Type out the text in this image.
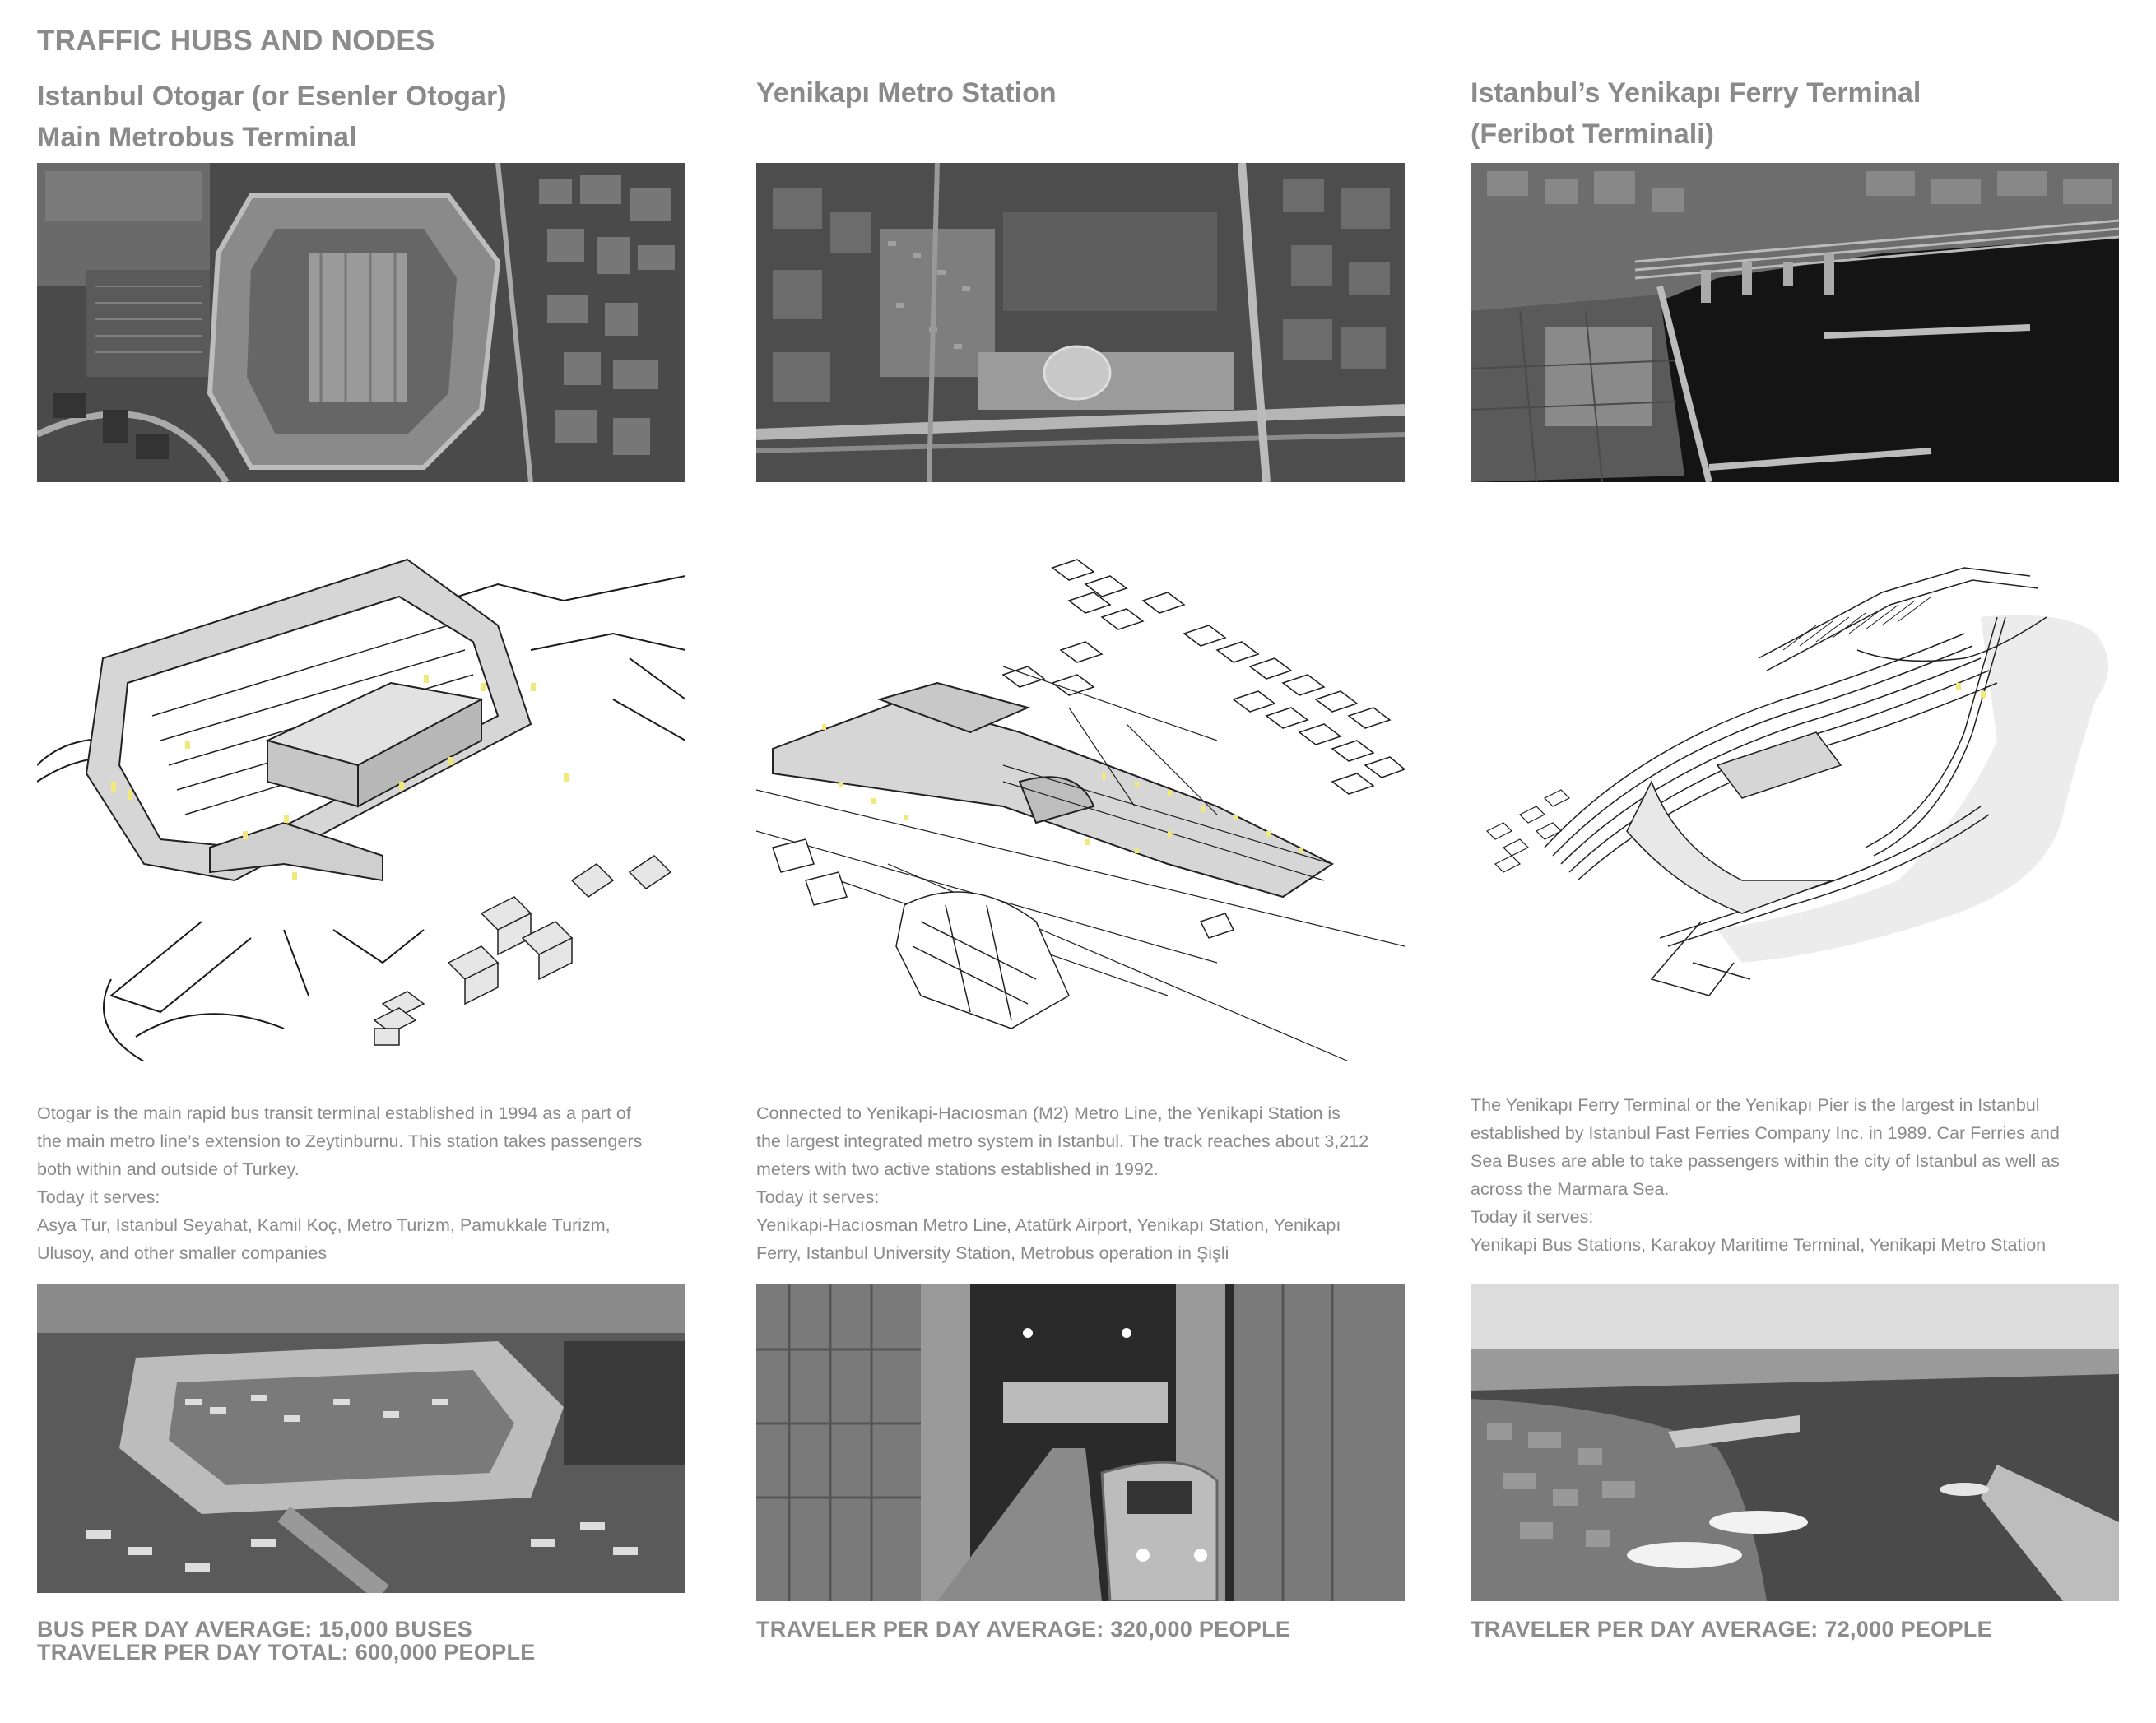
TRAFFIC HUBS AND NODES
Istanbul Otogar (or Esenler Otogar)
Main Metrobus Terminal

Otogar is the main rapid bus transit terminal established in 1994 as a part of

the main metro line’s extension to Zeytinburnu. This station takes passengers

both within and outside of Turkey.

Today it serves:

Asya Tur, Istanbul Seyahat, Kamil Koç, Metro Turizm, Pamukkale Turizm,

Ulusoy, and other smaller companies

BUS PER DAY AVERAGE: 15,000 BUSES
TRAVELER PER DAY TOTAL: 600,000 PEOPLE
Yenikapı Metro Station

Connected to Yenikapi-Hacıosman (M2) Metro Line, the Yenikapi Station is

the largest integrated metro system in Istanbul. The track reaches about 3,212

meters with two active stations established in 1992.

Today it serves:

Yenikapi-Hacıosman Metro Line, Atatürk Airport, Yenikapı Station, Yenikapı

Ferry, Istanbul University Station, Metrobus operation in Şişli

TRAVELER PER DAY AVERAGE: 320,000 PEOPLE
Istanbul’s Yenikapı Ferry Terminal
(Feribot Terminali)

The Yenikapı Ferry Terminal or the Yenikapı Pier is the largest in Istanbul

established by Istanbul Fast Ferries Company Inc. in 1989. Car Ferries and

Sea Buses are able to take passengers within the city of Istanbul as well as

across the Marmara Sea.

Today it serves:

Yenikapi Bus Stations, Karakoy Maritime Terminal, Yenikapi Metro Station

TRAVELER PER DAY AVERAGE: 72,000 PEOPLE
